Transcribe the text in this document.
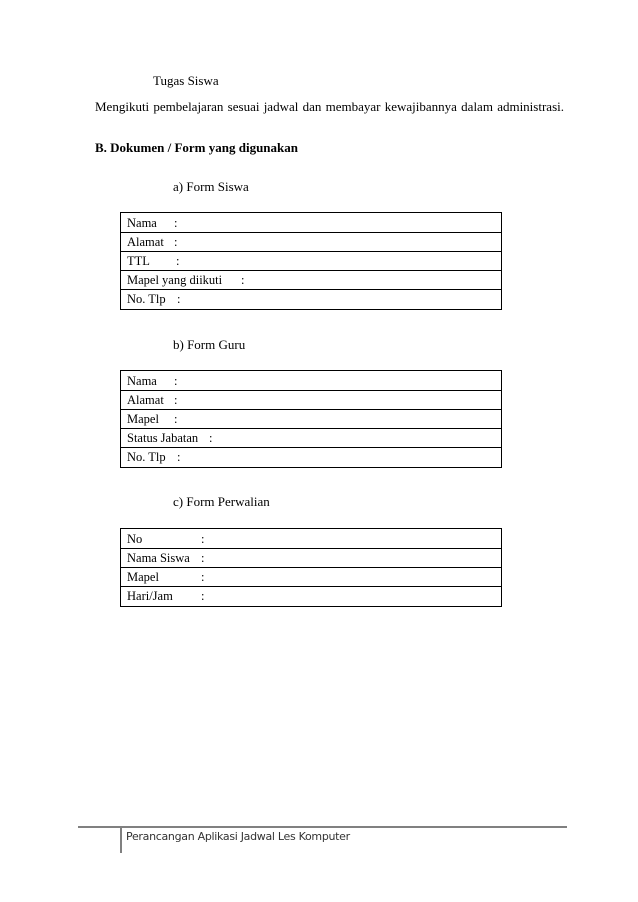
Tugas Siswa
Mengikuti pembelajaran sesuai jadwal dan membayar kewajibannya dalam administrasi.
B. Dokumen / Form yang digunakan
a) Form Siswa
Nama	:
Alamat :
TTL	:
Mapel yang diikuti	:
No. Tlp :
b) Form Guru
Nama	:
Alamat :
Mapel	:
Status Jabatan :
No. Tlp :
c) Form Perwalian
No	:
Nama Siswa :
Mapel	:
Hari/Jam	:
Perancangan Aplikasi Jadwal Les Komputer
